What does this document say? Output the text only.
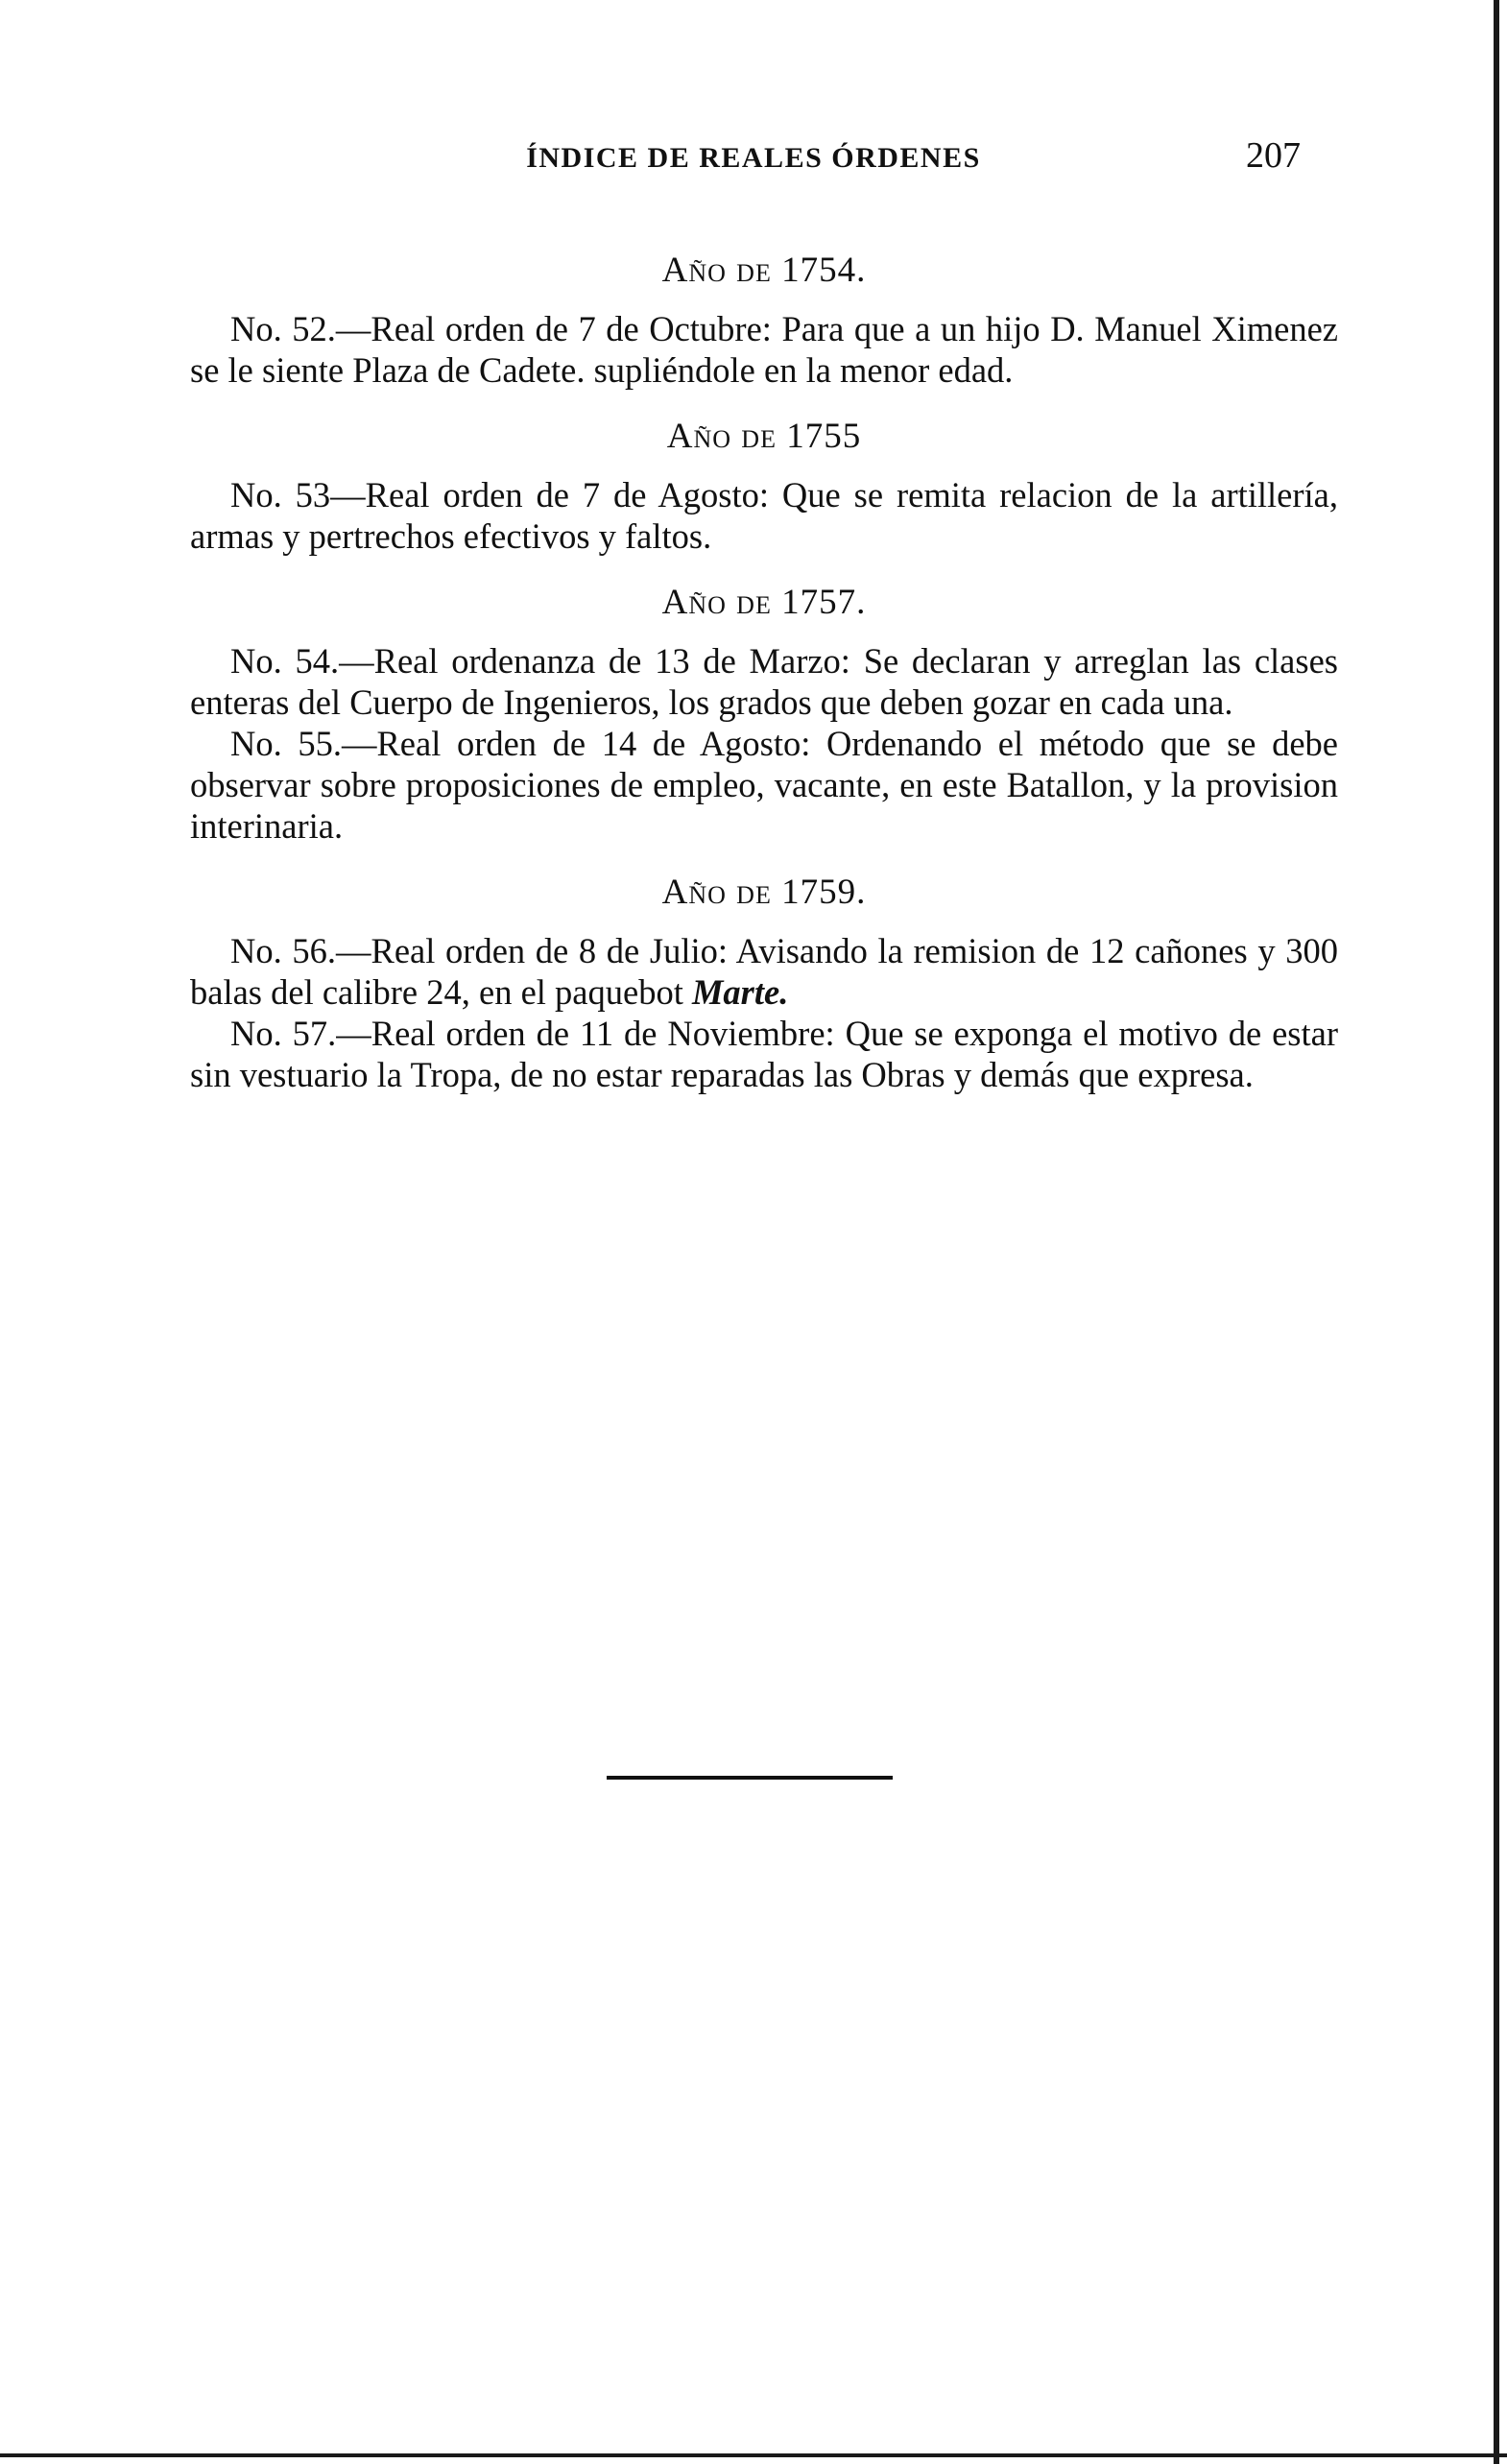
ÍNDICE DE REALES ÓRDENES	207

Año de 1754.

No. 52.—Real orden de 7 de Octubre: Para que a un hijo D. Manuel Ximenez se le siente Plaza de Cadete. supliéndole en la menor edad.

Año de 1755

No. 53—Real orden de 7 de Agosto: Que se remita relacion de la artillería, armas y pertrechos efectivos y faltos.

Año de 1757.

No. 54.—Real ordenanza de 13 de Marzo: Se declaran y arreglan las clases enteras del Cuerpo de Ingenieros, los grados que deben gozar en cada una.

No. 55.—Real orden de 14 de Agosto: Ordenando el método que se debe observar sobre proposiciones de empleo, vacante, en este Batallon, y la provision interinaria.

Año de 1759.

No. 56.—Real orden de 8 de Julio: Avisando la remision de 12 cañones y 300 balas del calibre 24, en el paquebot Marte.

No. 57.—Real orden de 11 de Noviembre: Que se exponga el motivo de estar sin vestuario la Tropa, de no estar reparadas las Obras y demás que expresa.
